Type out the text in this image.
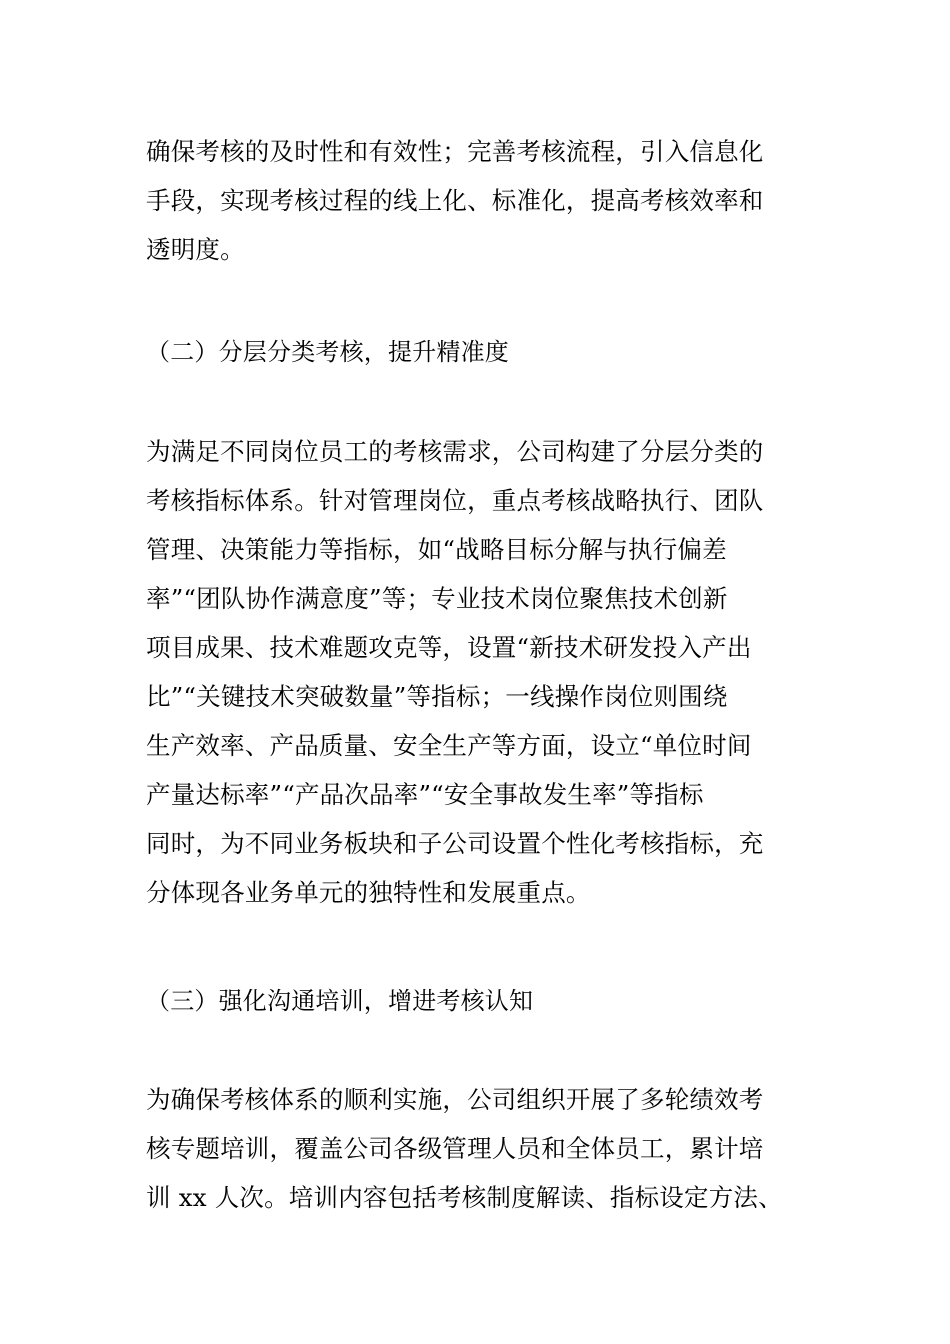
确保考核的及时性和有效性；完善考核流程，引入信息化
手段，实现考核过程的线上化、标准化，提高考核效率和
透明度。
（二）分层分类考核，提升精准度
为满足不同岗位员工的考核需求，公司构建了分层分类的
考核指标体系。针对管理岗位，重点考核战略执行、团队
管理、决策能力等指标，如“战略目标分解与执行偏差
率”“团队协作满意度”等；专业技术岗位聚焦技术创新
项目成果、技术难题攻克等，设置“新技术研发投入产出
比”“关键技术突破数量”等指标；一线操作岗位则围绕
生产效率、产品质量、安全生产等方面，设立“单位时间
产量达标率”“产品次品率”“安全事故发生率”等指标
同时，为不同业务板块和子公司设置个性化考核指标，充
分体现各业务单元的独特性和发展重点。
（三）强化沟通培训，增进考核认知
为确保考核体系的顺利实施，公司组织开展了多轮绩效考
核专题培训，覆盖公司各级管理人员和全体员工，累计培
训 xx 人次。培训内容包括考核制度解读、指标设定方法、
